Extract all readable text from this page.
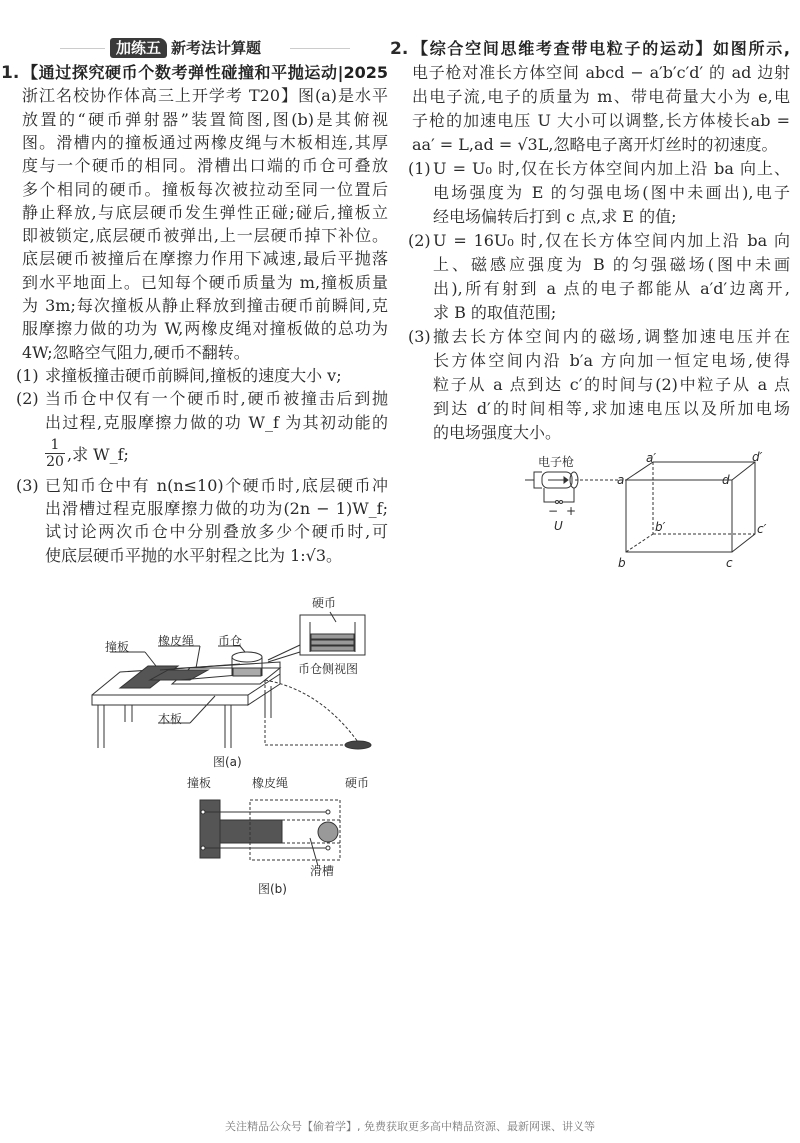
加练五 新考法计算题
1. 【通过探究硬币个数考弹性碰撞和平抛运动|2025
浙江名校协作体高三上开学考 T20】图(a)是水平
放置的“硬币弹射器”装置简图,图(b)是其俯视
图。滑槽内的撞板通过两橡皮绳与木板相连,其厚
度与一个硬币的相同。滑槽出口端的币仓可叠放
多个相同的硬币。撞板每次被拉动至同一位置后
静止释放,与底层硬币发生弹性正碰;碰后,撞板立
即被锁定,底层硬币被弹出,上一层硬币掉下补位。
底层硬币被撞后在摩擦力作用下减速,最后平抛落
到水平地面上。已知每个硬币质量为 m,撞板质量
为 3m;每次撞板从静止释放到撞击硬币前瞬间,克
服摩擦力做的功为 W,两橡皮绳对撞板做的总功为
4W;忽略空气阻力,硬币不翻转。
(1) 求撞板撞击硬币前瞬间,撞板的速度大小 v;
(2) 当币仓中仅有一个硬币时,硬币被撞击后到抛
出过程,克服摩擦力做的功 W_f 为其初动能的
(3) 已知币仓中有 n(n≤10)个硬币时,底层硬币冲
出滑槽过程克服摩擦力做的功为(2n − 1)W_f;
试讨论两次币仓中分别叠放多少个硬币时,可
使底层硬币平抛的水平射程之比为 1:√3。
2. 【综合空间思维考查带电粒子的运动】如图所示,
电子枪对准长方体空间 abcd − a′b′c′d′ 的 ad 边射
出电子流,电子的质量为 m、带电荷量大小为 e,电
子枪的加速电压 U 大小可以调整,长方体棱长ab =
aa′ = L,ad = √3L,忽略电子离开灯丝时的初速度。
(1) U = U₀ 时,仅在长方体空间内加上沿 ba 向上、
电场强度为 E 的匀强电场(图中未画出),电子
经电场偏转后打到 c 点,求 E 的值;
(2) U = 16U₀ 时,仅在长方体空间内加上沿 ba 向
上、磁感应强度为 B 的匀强磁场(图中未画
出),所有射到 a 点的电子都能从 a′d′边离开,
求 B 的取值范围;
(3) 撤去长方体空间内的磁场,调整加速电压并在
长方体空间内沿 b′a 方向加一恒定电场,使得
粒子从 a 点到达 c′的时间与(2)中粒子从 a 点
到达 d′的时间相等,求加速电压以及所加电场
的电场强度大小。
$\frac{1}{20}$ ,求 W_f;
撞板 橡皮绳 币仓
硬币
币仓侧视图
木板
图(a)
撞板	橡皮绳	硬币
滑槽
图(b)
电子枪
− +
U
a
a′
d
d′
b′	c′
b	c
关注精品公众号【偷着学】, 免费获取更多高中精品资源、最新网课、讲义等
